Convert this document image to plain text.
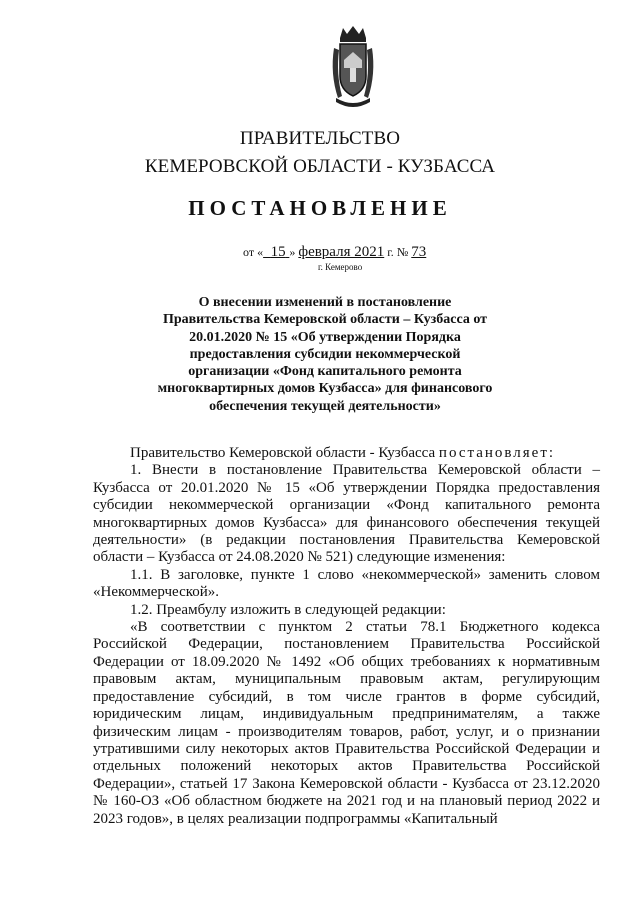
ПРАВИТЕЛЬСТВО
КЕМЕРОВСКОЙ ОБЛАСТИ - КУЗБАССА
ПОСТАНОВЛЕНИЕ
от « 15 » февраля 2021 г. № 73
г. Кемерово
О внесении изменений в постановление Правительства Кемеровской области – Кузбасса от 20.01.2020 № 15 «Об утверждении Порядка предоставления субсидии некоммерческой организации «Фонд капитального ремонта многоквартирных домов Кузбасса» для финансового обеспечения текущей деятельности»

Правительство Кемеровской области - Кузбасса постановляет:

1. Внести в постановление Правительства Кемеровской области – Кузбасса от 20.01.2020 № 15 «Об утверждении Порядка предоставления субсидии некоммерческой организации «Фонд капитального ремонта многоквартирных домов Кузбасса» для финансового обеспечения текущей деятельности» (в редакции постановления Правительства Кемеровской области – Кузбасса от 24.08.2020 № 521) следующие изменения:

1.1. В заголовке, пункте 1 слово «некоммерческой» заменить словом «Некоммерческой».

1.2. Преамбулу изложить в следующей редакции:

«В соответствии с пунктом 2 статьи 78.1 Бюджетного кодекса Российской Федерации, постановлением Правительства Российской Федерации от 18.09.2020 № 1492 «Об общих требованиях к нормативным правовым актам, муниципальным правовым актам, регулирующим предоставление субсидий, в том числе грантов в форме субсидий, юридическим лицам, индивидуальным предпринимателям, а также физическим лицам - производителям товаров, работ, услуг, и о признании утратившими силу некоторых актов Правительства Российской Федерации и отдельных положений некоторых актов Правительства Российской Федерации», статьей 17 Закона Кемеровской области - Кузбасса от 23.12.2020 № 160-ОЗ «Об областном бюджете на 2021 год и на плановый период 2022 и 2023 годов», в целях реализации подпрограммы «Капитальный
